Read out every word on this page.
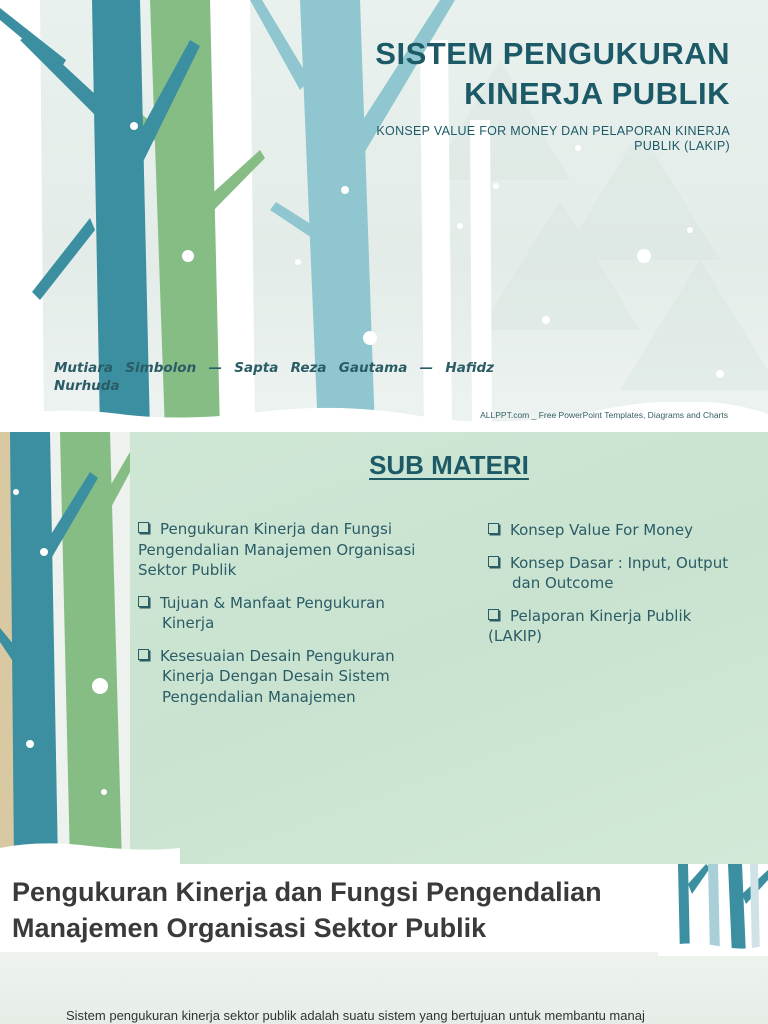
SISTEM PENGUKURAN
KINERJA PUBLIK
KONSEP VALUE FOR MONEY DAN PELAPORAN KINERJA
PUBLIK (LAKIP)
Mutiara Simbolon — Sapta Reza Gautama — Hafidz Nurhuda
ALLPPT.com _ Free PowerPoint Templates, Diagrams and Charts
SUB MATERI
Pengukuran Kinerja dan Fungsi Pengendalian Manajemen Organisasi Sektor Publik
Tujuan & Manfaat Pengukuran Kinerja
Kesesuaian Desain Pengukuran Kinerja Dengan Desain Sistem Pengendalian Manajemen
Konsep Value For Money
Konsep Dasar : Input, Output dan Outcome
Pelaporan Kinerja Publik (LAKIP)
Pengukuran Kinerja dan Fungsi Pengendalian
Manajemen Organisasi Sektor Publik
Sistem pengukuran kinerja sektor publik adalah suatu sistem yang bertujuan untuk membantu manaj
